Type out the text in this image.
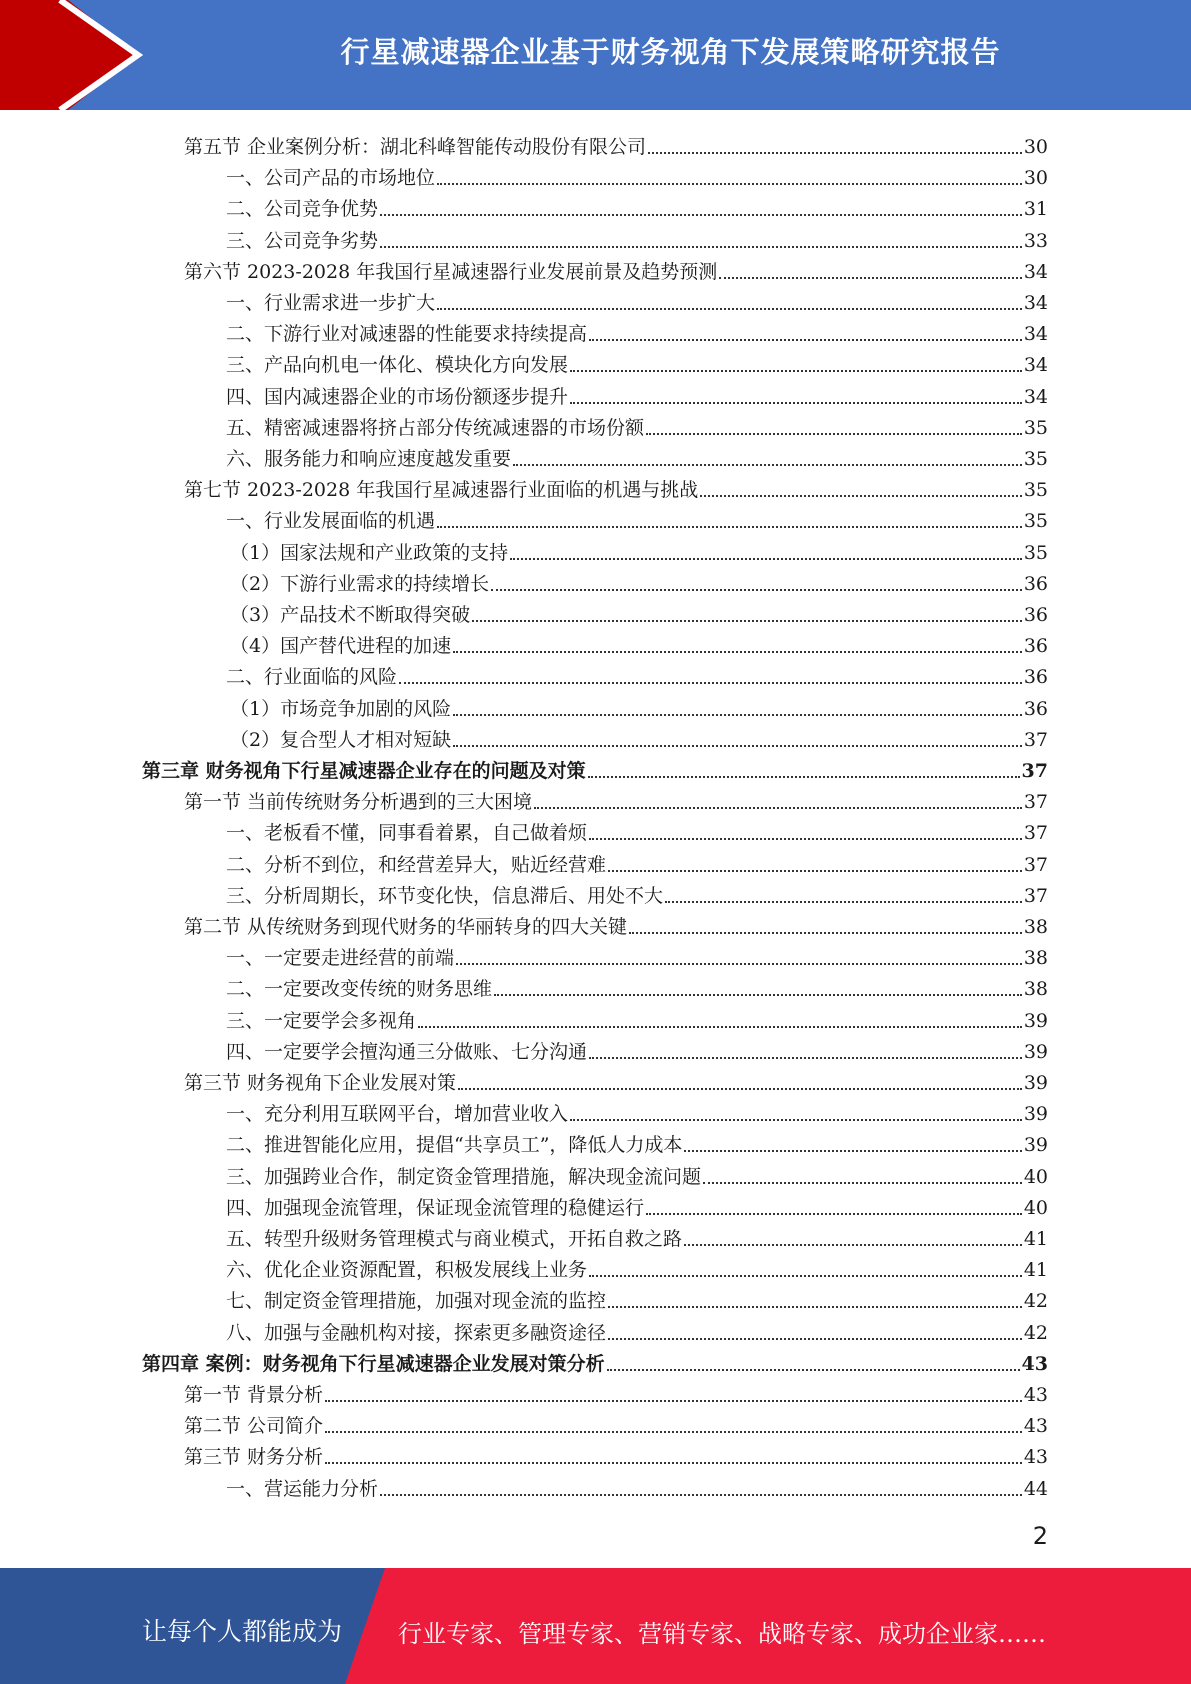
行星减速器企业基于财务视角下发展策略研究报告
第五节 企业案例分析：湖北科峰智能传动股份有限公司	30
一、公司产品的市场地位	30
二、公司竞争优势	31
三、公司竞争劣势	33
第六节 2023-2028 年我国行星减速器行业发展前景及趋势预测	34
一、行业需求进一步扩大	34
二、下游行业对减速器的性能要求持续提高	34
三、产品向机电一体化、模块化方向发展	34
四、国内减速器企业的市场份额逐步提升	34
五、精密减速器将挤占部分传统减速器的市场份额	35
六、服务能力和响应速度越发重要	35
第七节 2023-2028 年我国行星减速器行业面临的机遇与挑战	35
一、行业发展面临的机遇	35
（1）国家法规和产业政策的支持	35
（2）下游行业需求的持续增长	36
（3）产品技术不断取得突破	36
（4）国产替代进程的加速	36
二、行业面临的风险	36
（1）市场竞争加剧的风险	36
（2）复合型人才相对短缺	37
第三章 财务视角下行星减速器企业存在的问题及对策	37
第一节 当前传统财务分析遇到的三大困境	37
一、老板看不懂，同事看着累，自己做着烦	37
二、分析不到位，和经营差异大，贴近经营难	37
三、分析周期长，环节变化快，信息滞后、用处不大	37
第二节 从传统财务到现代财务的华丽转身的四大关键	38
一、一定要走进经营的前端	38
二、一定要改变传统的财务思维	38
三、一定要学会多视角	39
四、一定要学会擅沟通三分做账、七分沟通	39
第三节 财务视角下企业发展对策	39
一、充分利用互联网平台，增加营业收入	39
二、推进智能化应用，提倡“共享员工”，降低人力成本	39
三、加强跨业合作，制定资金管理措施，解决现金流问题	40
四、加强现金流管理，保证现金流管理的稳健运行	40
五、转型升级财务管理模式与商业模式，开拓自救之路	41
六、优化企业资源配置，积极发展线上业务	41
七、制定资金管理措施，加强对现金流的监控	42
八、加强与金融机构对接，探索更多融资途径	42
第四章 案例：财务视角下行星减速器企业发展对策分析	43
第一节 背景分析	43
第二节 公司简介	43
第三节 财务分析	43
一、营运能力分析	44
2
让每个人都能成为 行业专家、管理专家、营销专家、战略专家、成功企业家……
